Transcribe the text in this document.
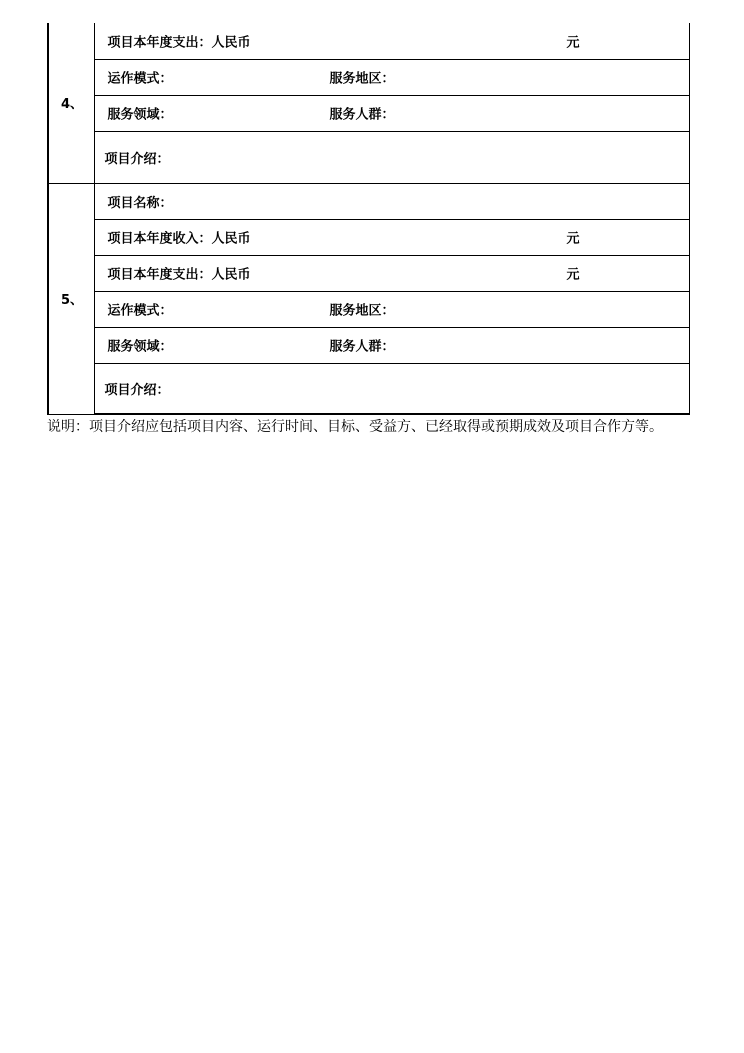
4、	项目本年度支出：人民币 元

	运作模式： 服务地区：

	服务领域： 服务人群：

	项目介绍：
5、	项目名称：

	项目本年度收入：人民币 元

	项目本年度支出：人民币 元

	运作模式： 服务地区：

	服务领域： 服务人群：

	项目介绍：
说明：项目介绍应包括项目内容、运行时间、目标、受益方、已经取得或预期成效及项目合作方等。
